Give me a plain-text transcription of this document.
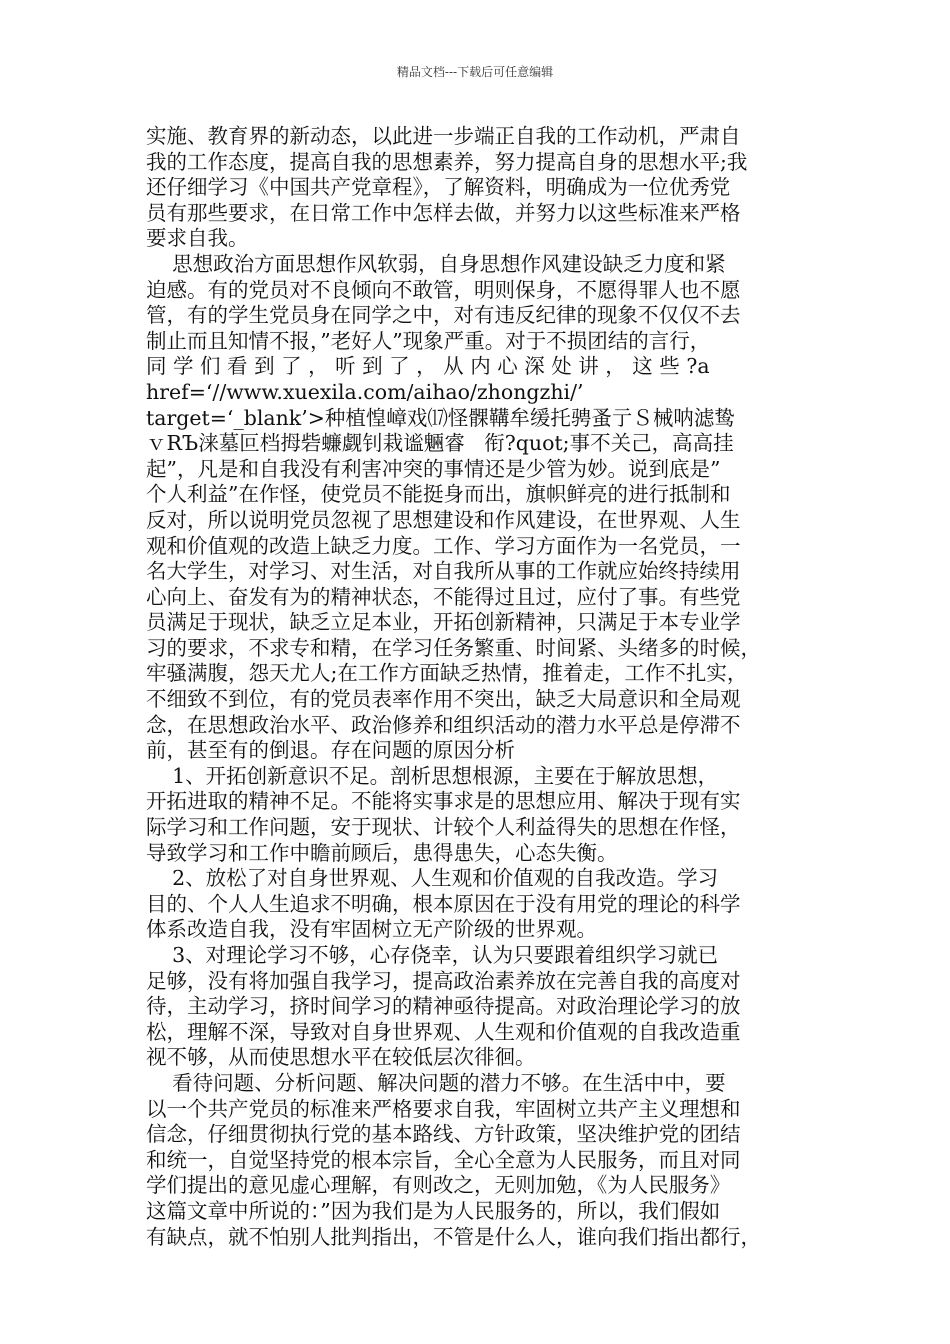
精品文档---下载后可任意编辑
实施、教育界的新动态，以此进一步端正自我的工作动机，严肃自
我的工作态度，提高自我的思想素养，努力提高自身的思想水平;我
还仔细学习《中国共产党章程》，了解资料，明确成为一位优秀党
员有那些要求，在日常工作中怎样去做，并努力以这些标准来严格
要求自我。
思想政治方面思想作风软弱，自身思想作风建设缺乏力度和紧
迫感。有的党员对不良倾向不敢管，明则保身，不愿得罪人也不愿
管，有的学生党员身在同学之中，对有违反纪律的现象不仅仅不去
制止而且知情不报，”老好人”现象严重。对于不损团结的言行，
同 学 们 看 到 了 ， 听 到 了 ， 从 内 心 深 处 讲 ， 这 些 ?a
href=‘//www.xuexila.com/aihao/zhongzhi/’
target=‘_blank’>种植惶嶂戏⒄怪髁鞲牟缓托骋蚤亍Ｓ械呐滤鸷
ｖRЪ涞墓叵档拇砦蠊觑钊栽谧魎睿   衔?quot;事不关己，高高挂
起”，凡是和自我没有利害冲突的事情还是少管为妙。说到底是”
个人利益”在作怪，使党员不能挺身而出，旗帜鲜亮的进行抵制和
反对，所以说明党员忽视了思想建设和作风建设，在世界观、人生
观和价值观的改造上缺乏力度。工作、学习方面作为一名党员，一
名大学生，对学习、对生活，对自我所从事的工作就应始终持续用
心向上、奋发有为的精神状态，不能得过且过，应付了事。有些党
员满足于现状，缺乏立足本业，开拓创新精神，只满足于本专业学
习的要求，不求专和精，在学习任务繁重、时间紧、头绪多的时候，
牢骚满腹，怨天尤人;在工作方面缺乏热情，推着走，工作不扎实，
不细致不到位，有的党员表率作用不突出，缺乏大局意识和全局观
念，在思想政治水平、政治修养和组织活动的潜力水平总是停滞不
前，甚至有的倒退。存在问题的原因分析
1、开拓创新意识不足。剖析思想根源，主要在于解放思想，
开拓进取的精神不足。不能将实事求是的思想应用、解决于现有实
际学习和工作问题，安于现状、计较个人利益得失的思想在作怪，
导致学习和工作中瞻前顾后，患得患失，心态失衡。
2、放松了对自身世界观、人生观和价值观的自我改造。学习
目的、个人人生追求不明确，根本原因在于没有用党的理论的科学
体系改造自我，没有牢固树立无产阶级的世界观。
3、对理论学习不够，心存侥幸，认为只要跟着组织学习就已
足够，没有将加强自我学习，提高政治素养放在完善自我的高度对
待，主动学习，挤时间学习的精神亟待提高。对政治理论学习的放
松，理解不深，导致对自身世界观、人生观和价值观的自我改造重
视不够，从而使思想水平在较低层次徘徊。
看待问题、分析问题、解决问题的潜力不够。在生活中中，要
以一个共产党员的标准来严格要求自我，牢固树立共产主义理想和
信念，仔细贯彻执行党的基本路线、方针政策，坚决维护党的团结
和统一，自觉坚持党的根本宗旨，全心全意为人民服务，而且对同
学们提出的意见虚心理解，有则改之，无则加勉，《为人民服务》
这篇文章中所说的：”因为我们是为人民服务的，所以，我们假如
有缺点，就不怕别人批判指出，不管是什么人，谁向我们指出都行，
